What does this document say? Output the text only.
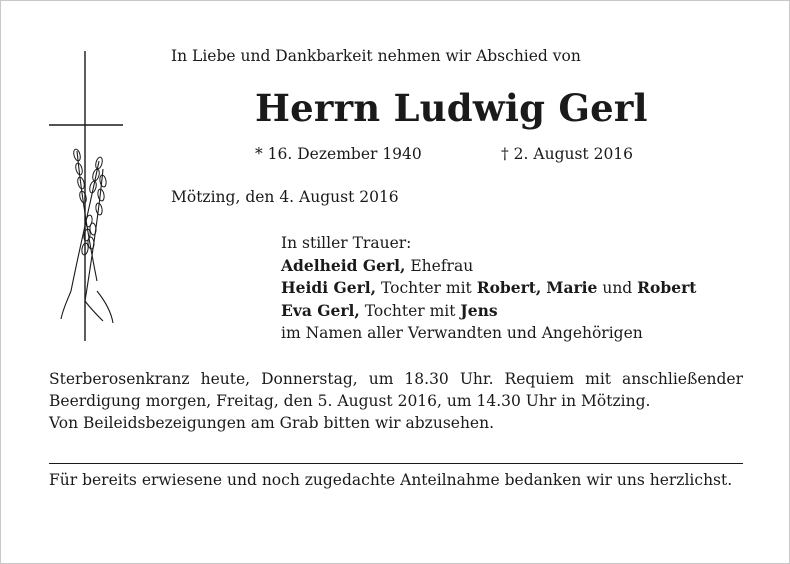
In Liebe und Dankbarkeit nehmen wir Abschied von
Herrn Ludwig Gerl
* 16. Dezember 1940	† 2. August 2016
Mötzing, den 4. August 2016
In stiller Trauer:
Adelheid Gerl, Ehefrau
Heidi Gerl, Tochter mit Robert, Marie und Robert
Eva Gerl, Tochter mit Jens
im Namen aller Verwandten und Angehörigen

Sterberosenkranz heute, Donnerstag, um 18.30 Uhr. Requiem mit anschließender Beerdigung morgen, Freitag, den 5. August 2016, um 14.30 Uhr in Mötzing.

Von Beileidsbezeigungen am Grab bitten wir abzusehen.

Für bereits erwiesene und noch zugedachte Anteilnahme bedanken wir uns herzlichst.
